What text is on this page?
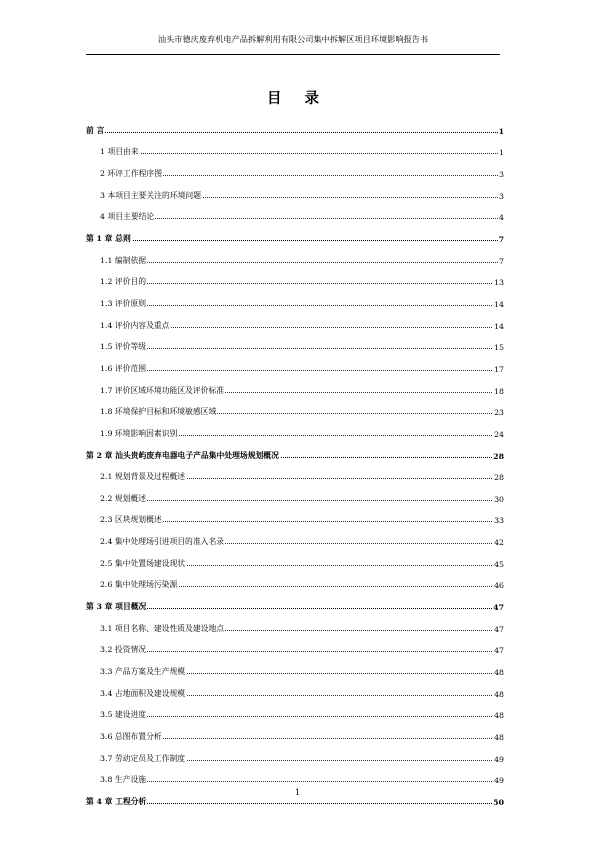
汕头市德庆废弃机电产品拆解利用有限公司集中拆解区项目环境影响报告书
目 录
前 言	1
1 项目由来	1
2 环评工作程序图	3
3 本项目主要关注的环境问题	3
4 项目主要结论	4
第 1 章 总则	7
1.1 编制依据	7
1.2 评价目的	13
1.3 评价原则	14
1.4 评价内容及重点	14
1.5 评价等级	15
1.6 评价范围	17
1.7 评价区域环境功能区及评价标准	18
1.8 环境保护目标和环境敏感区域	23
1.9 环境影响因素识别	24
第 2 章 汕头贵屿废弃电器电子产品集中处理场规划概况	28
2.1 规划背景及过程概述	28
2.2 规划概述	30
2.3 区块规划概述	33
2.4 集中处理场引进项目的准入名录	42
2.5 集中处置场建设现状	45
2.6 集中处理场污染源	46
第 3 章 项目概况	47
3.1 项目名称、建设性质及建设地点	47
3.2 投资情况	47
3.3 产品方案及生产规模	48
3.4 占地面积及建设规模	48
3.5 建设进度	48
3.6 总图布置分析	48
3.7 劳动定员及工作制度	49
3.8 生产设施	49
第 4 章 工程分析	50
1
